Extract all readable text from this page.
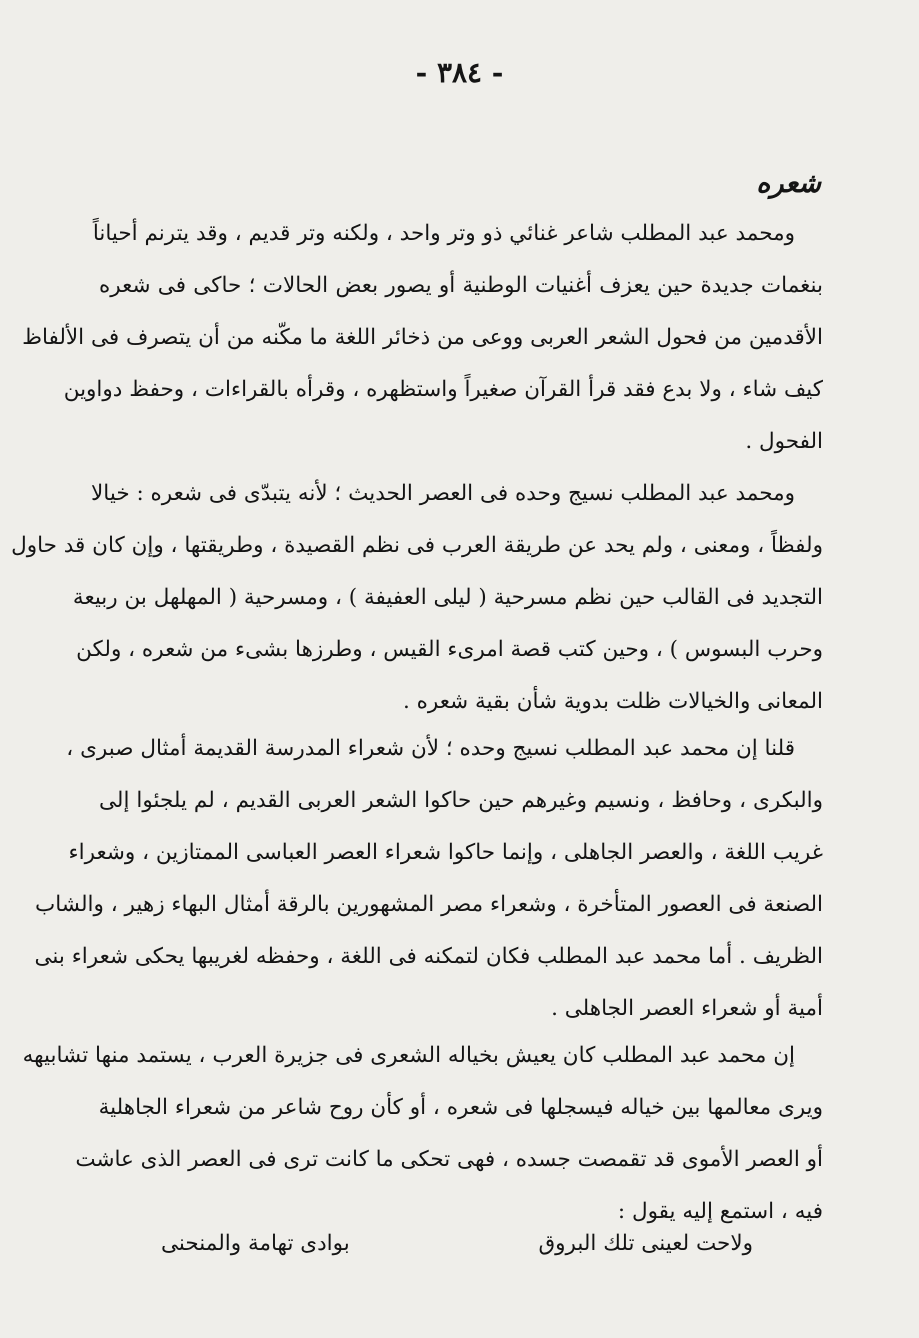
- ٣٨٤ -
شعره

ومحمد عبد المطلب شاعر غنائي ذو وتر واحد ، ولكنه وتر قديم ، وقد يترنم أحياناً
بنغمات جديدة حين يعزف أغنيات الوطنية أو يصور بعض الحالات ؛ حاكى فى شعره
الأقدمين من فحول الشعر العربى ووعى من ذخائر اللغة ما مكّنه من أن يتصرف فى الألفاظ
كيف شاء ، ولا بدع فقد قرأ القرآن صغيراً واستظهره ، وقرأه بالقراءات ، وحفظ دواوين
الفحول .

ومحمد عبد المطلب نسيج وحده فى العصر الحديث ؛ لأنه يتبدّى فى شعره : خيالا
ولفظاً ، ومعنى ، ولم يحد عن طريقة العرب فى نظم القصيدة ، وطريقتها ، وإن كان قد حاول
التجديد فى القالب حين نظم مسرحية ( ليلى العفيفة ) ، ومسرحية ( المهلهل بن ربيعة
وحرب البسوس ) ، وحين كتب قصة امرىء القيس ، وطرزها بشىء من شعره ، ولكن
المعانى والخيالات ظلت بدوية شأن بقية شعره .

قلنا إن محمد عبد المطلب نسيج وحده ؛ لأن شعراء المدرسة القديمة أمثال صبرى ،
والبكرى ، وحافظ ، ونسيم وغيرهم حين حاكوا الشعر العربى القديم ، لم يلجئوا إلى
غريب اللغة ، والعصر الجاهلى ، وإنما حاكوا شعراء العصر العباسى الممتازين ، وشعراء
الصنعة فى العصور المتأخرة ، وشعراء مصر المشهورين بالرقة أمثال البهاء زهير ، والشاب
الظريف . أما محمد عبد المطلب فكان لتمكنه فى اللغة ، وحفظه لغريبها يحكى شعراء بنى
أمية أو شعراء العصر الجاهلى .

إن محمد عبد المطلب كان يعيش بخياله الشعرى فى جزيرة العرب ، يستمد منها تشابيهه
ويرى معالمها بين خياله فيسجلها فى شعره ، أو كأن روح شاعر من شعراء الجاهلية
أو العصر الأموى قد تقمصت جسده ، فهى تحكى ما كانت ترى فى العصر الذى عاشت
فيه ، استمع إليه يقول :

ولاحت لعينى تلك البروق
بوادى تهامة والمنحنى
